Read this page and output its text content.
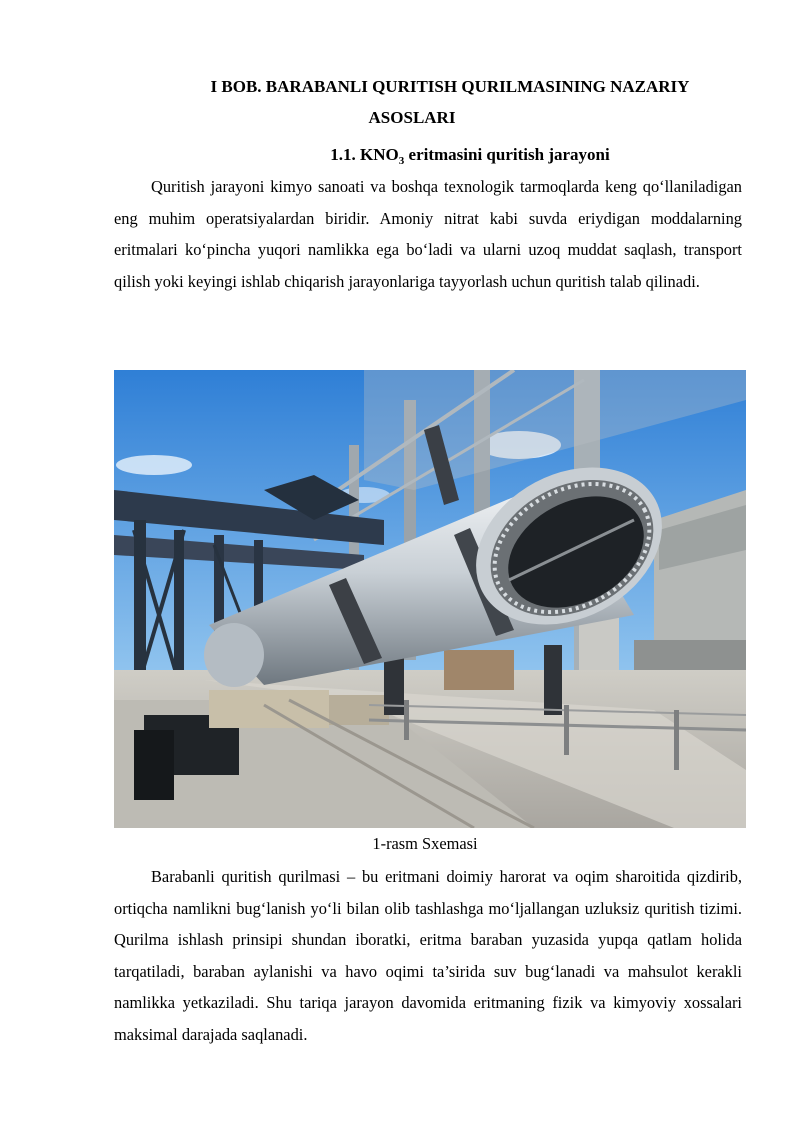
I BOB. BARABANLI QURITISH QURILMASINING NAZARIY
ASOSLARI
1.1. $KNO_3$ eritmasini quritish jarayoni

Quritish jarayoni kimyo sanoati va boshqa texnologik tarmoqlarda keng qo‘llaniladigan eng muhim operatsiyalardan biridir. Amoniy nitrat kabi suvda eriydigan moddalarning eritmalari ko‘pincha yuqori namlikka ega bo‘ladi va ularni uzoq muddat saqlash, transport qilish yoki keyingi ishlab chiqarish jarayonlariga tayyorlash uchun quritish talab qilinadi.

1-rasm Sxemasi

Barabanli quritish qurilmasi – bu eritmani doimiy harorat va oqim sharoitida qizdirib, ortiqcha namlikni bug‘lanish yo‘li bilan olib tashlashga mo‘ljallangan uzluksiz quritish tizimi. Qurilma ishlash prinsipi shundan iboratki, eritma baraban yuzasida yupqa qatlam holida tarqatiladi, baraban aylanishi va havo oqimi ta’sirida suv bug‘lanadi va mahsulot kerakli namlikka yetkaziladi. Shu tariqa jarayon davomida eritmaning fizik va kimyoviy xossalari maksimal darajada saqlanadi.
